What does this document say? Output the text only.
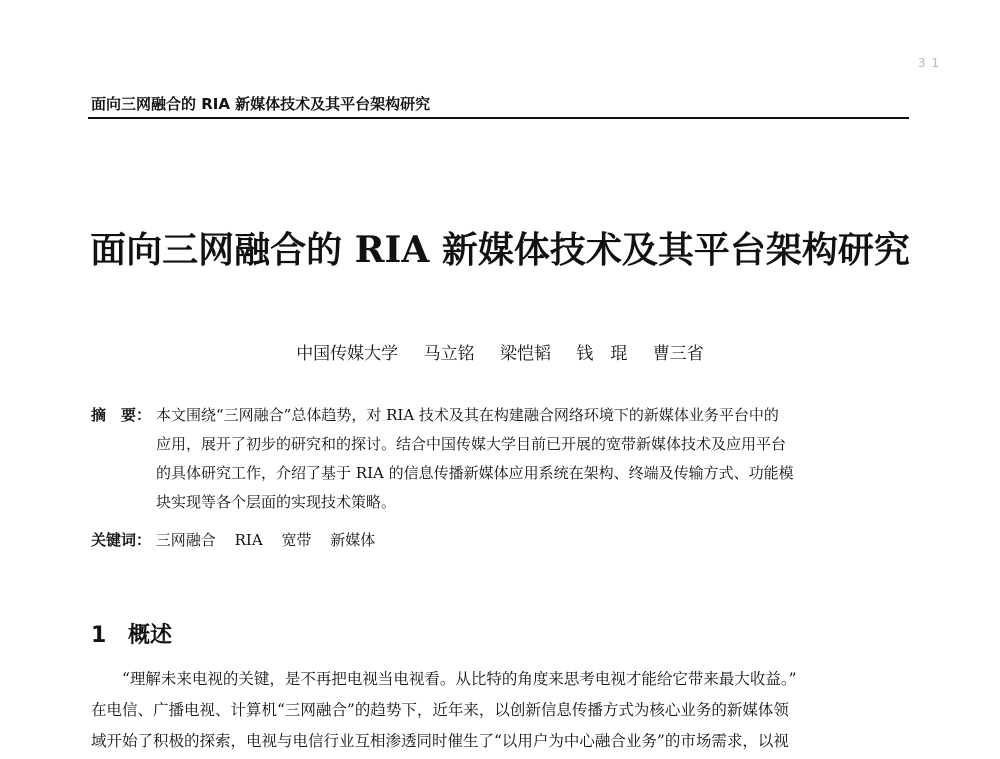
3 1
面向三网融合的 RIA 新媒体技术及其平台架构研究
面向三网融合的 RIA 新媒体技术及其平台架构研究
中国传媒大学 马立铭 梁恺韬 钱　琨 曹三省
摘　要： 本文围绕“三网融合”总体趋势，对 RIA 技术及其在构建融合网络环境下的新媒体业务平台中的
应用，展开了初步的研究和的探讨。结合中国传媒大学目前已开展的宽带新媒体技术及应用平台
的具体研究工作，介绍了基于 RIA 的信息传播新媒体应用系统在架构、终端及传输方式、功能模
块实现等各个层面的实现技术策略。
关键词： 三网融合 RIA 宽带 新媒体
1 概述
“理解未来电视的关键，是不再把电视当电视看。从比特的角度来思考电视才能给它带来最大收益。”
在电信、广播电视、计算机“三网融合”的趋势下，近年来，以创新信息传播方式为核心业务的新媒体领
域开始了积极的探索，电视与电信行业互相渗透同时催生了“以用户为中心融合业务”的市场需求，以视
